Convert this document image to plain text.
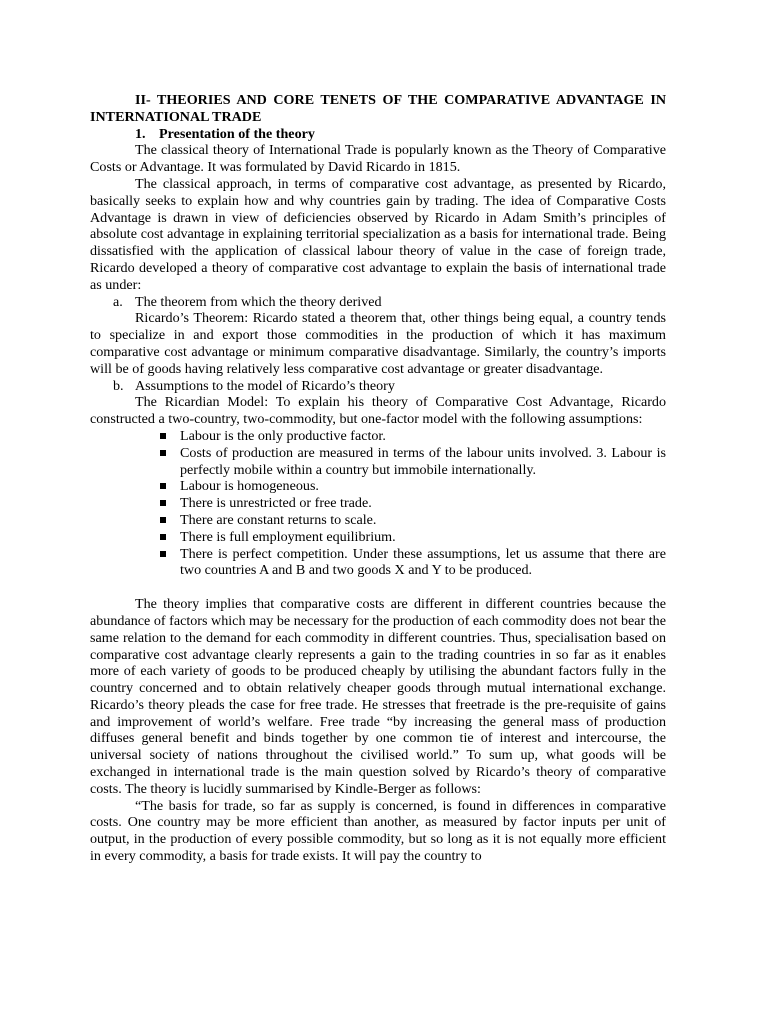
II- THEORIES AND CORE TENETS OF THE COMPARATIVE ADVANTAGE IN INTERNATIONAL TRADE

1. Presentation of the theory

The classical theory of International Trade is popularly known as the Theory of Comparative Costs or Advantage. It was formulated by David Ricardo in 1815.

The classical approach, in terms of comparative cost advantage, as presented by Ricardo, basically seeks to explain how and why countries gain by trading. The idea of Comparative Costs Advantage is drawn in view of deficiencies observed by Ricardo in Adam Smith’s principles of absolute cost advantage in explaining territorial specialization as a basis for international trade. Being dissatisfied with the application of classical labour theory of value in the case of foreign trade, Ricardo developed a theory of comparative cost advantage to explain the basis of international trade as under:

a. The theorem from which the theory derived

Ricardo’s Theorem: Ricardo stated a theorem that, other things being equal, a country tends to specialize in and export those commodities in the production of which it has maximum comparative cost advantage or minimum comparative disadvantage. Similarly, the country’s imports will be of goods having relatively less comparative cost advantage or greater disadvantage.

b. Assumptions to the model of Ricardo’s theory

The Ricardian Model: To explain his theory of Comparative Cost Advantage, Ricardo constructed a two-country, two-commodity, but one-factor model with the following assumptions:

Labour is the only productive factor.
Costs of production are measured in terms of the labour units involved. 3. Labour is perfectly mobile within a country but immobile internationally.
Labour is homogeneous.
There is unrestricted or free trade.
There are constant returns to scale.
There is full employment equilibrium.
There is perfect competition. Under these assumptions, let us assume that there are two countries A and B and two goods X and Y to be produced.

The theory implies that comparative costs are different in different countries because the abundance of factors which may be necessary for the production of each commodity does not bear the same relation to the demand for each commodity in different countries. Thus, specialisation based on comparative cost advantage clearly represents a gain to the trading countries in so far as it enables more of each variety of goods to be produced cheaply by utilising the abundant factors fully in the country concerned and to obtain relatively cheaper goods through mutual international exchange. Ricardo’s theory pleads the case for free trade. He stresses that freetrade is the pre-requisite of gains and improvement of world’s welfare. Free trade “by increasing the general mass of production diffuses general benefit and binds together by one common tie of interest and intercourse, the universal society of nations throughout the civilised world.” To sum up, what goods will be exchanged in international trade is the main question solved by Ricardo’s theory of comparative costs. The theory is lucidly summarised by Kindle-Berger as follows:

“The basis for trade, so far as supply is concerned, is found in differences in comparative costs. One country may be more efficient than another, as measured by factor inputs per unit of output, in the production of every possible commodity, but so long as it is not equally more efficient in every commodity, a basis for trade exists. It will pay the country to
